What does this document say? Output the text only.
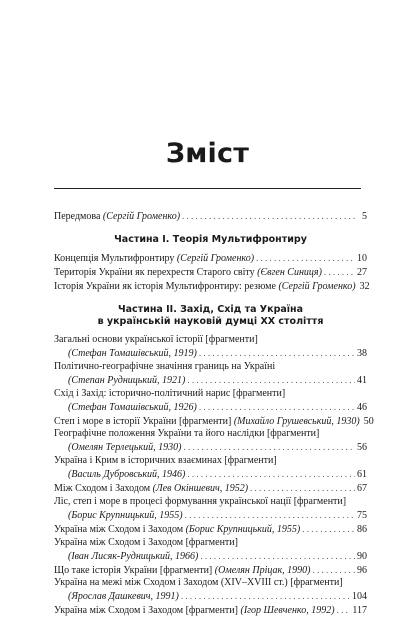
Зміст
Передмова (Сергій Громенко) . . .	5
Частина І. Теорія Мультифронтиру
Концепція Мультифронтиру (Сергій Громенко) . . .	10
Територія України як перехрестя Старого світу (Євген Синиця) . . .	27
Історія України як історія Мультифронтиру: резюме (Сергій Громенко) 32
Частина ІІ. Захід, Схід та Україна
в українській науковій думці ХХ століття
Загальні основи української історії [фрагменти]
(Стефан Томашівський, 1919) . . .	38
Політично-географічне значіння границь на Україні
(Степан Рудницький, 1921) . . .	41
Схід і Захід: історично-політичний нарис [фрагменти]
(Стефан Томашівський, 1926) . . .	46
Степ і море в історії України [фрагменти] (Михайло Грушевський, 1930) 50
Географічне положення України та його наслідки [фрагменти]
(Омелян Терлецький, 1930) . . .	56
Україна і Крим в історичних взаєминах [фрагменти]
(Василь Дубровський, 1946) . . .	61
Між Сходом і Заходом (Лев Окіншевич, 1952) . . .	67
Ліс, степ і море в процесі формування української нації [фрагменти]
(Борис Крупницький, 1955) . . .	75
Україна між Сходом і Заходом (Борис Крупницький, 1955) . . .	86
Україна між Сходом і Заходом [фрагменти]
(Іван Лисяк-Рудницький, 1966) . . .	90
Що таке історія України [фрагменти] (Омелян Пріцак, 1990) . . .	96
Україна на межі між Сходом і Заходом (XIV–XVIII ст.) [фрагменти]
(Ярослав Дашкевич, 1991) . . .	104
Україна між Сходом і Заходом [фрагменти] (Ігор Шевченко, 1992) . . . 117
